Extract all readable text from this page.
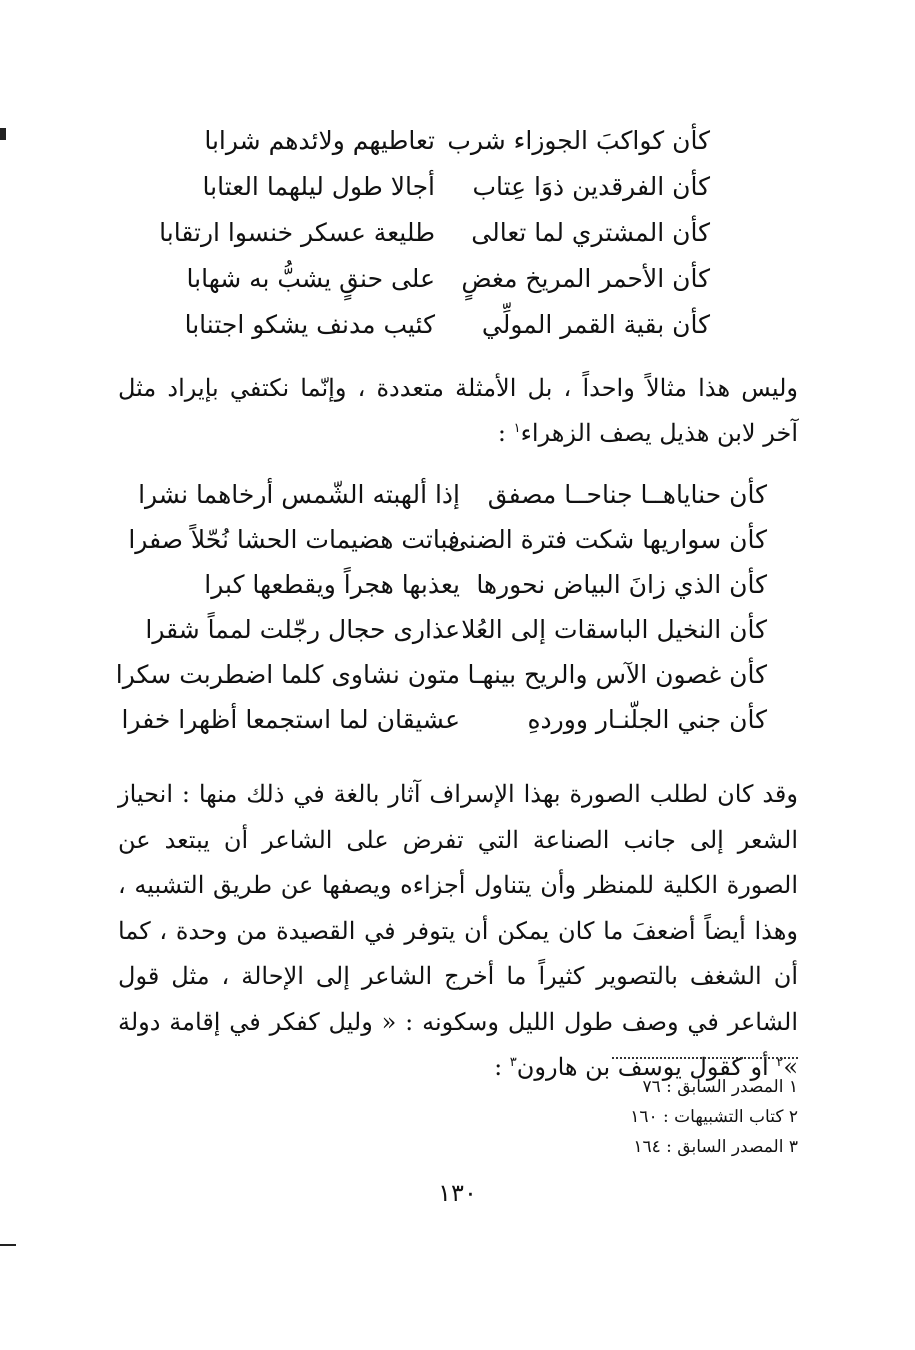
كأن كواكبَ الجوزاء شرب
تعاطيهم ولائدهم شرابا
كأن الفرقدين ذوَا عِتاب
أجالا طول ليلهما العتابا
كأن المشتري لما تعالى
طليعة عسكر خنسوا ارتقابا
كأن الأحمر المريخ مغضٍ
على حنقٍ يشبُّ به شهابا
كأن بقية القمر المولِّي
كئيب مدنف يشكو اجتنابا

وليس هذا مثالاً واحداً ، بل الأمثلة متعددة ، وإنّما نكتفي بإيراد مثل آخر لابن هذيل يصف الزهراء$^١$ :

كأن حناياهــا جناحــا مصفق
إذا ألهبته الشّمس أرخاهما نشرا
كأن سواريها شكت فترة الضنى
فباتت هضيمات الحشا نُحّلاً صفرا
كأن الذي زانَ البياض نحورها
يعذبها هجراً ويقطعها كبرا
كأن النخيل الباسقات إلى العُلا
عذارى حجال رجّلت لمماً شقرا
كأن غصون الآس والريح بينهـا
متون نشاوى كلما اضطربت سكرا
كأن جني الجلّنـار ووردهِ
عشيقان لما استجمعا أظهرا خفرا

وقد كان لطلب الصورة بهذا الإسراف آثار بالغة في ذلك منها : انحياز الشعر إلى جانب الصناعة التي تفرض على الشاعر أن يبتعد عن الصورة الكلية للمنظر وأن يتناول أجزاءه ويصفها عن طريق التشبيه ، وهذا أيضاً أضعفَ ما كان يمكن أن يتوفر في القصيدة من وحدة ، كما أن الشغف بالتصوير كثيراً ما أخرج الشاعر إلى الإحالة ، مثل قول الشاعر في وصف طول الليل وسكونه : « وليل كفكر في إقامة دولة »$^٢$ أو كقول يوسف بن هارون$^٣$ :

١ المصدر السابق : ٧٦
٢ كتاب التشبيهات : ١٦٠
٣ المصدر السابق : ١٦٤
١٣٠
